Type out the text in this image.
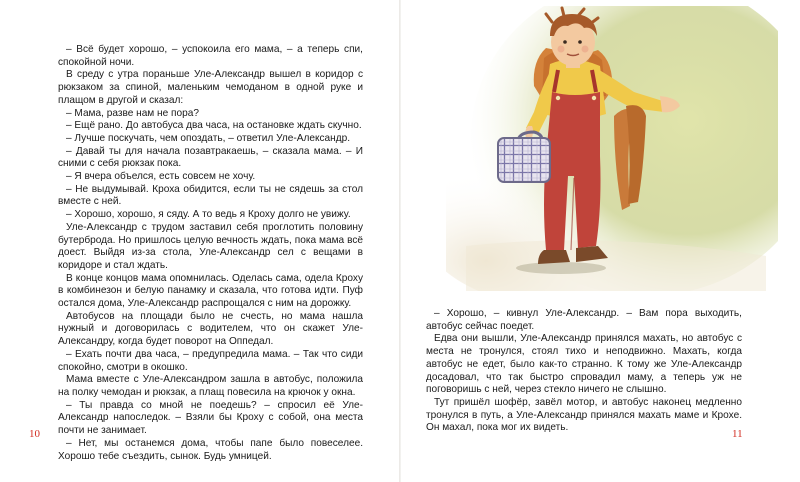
– Всё будет хорошо, – успокоила его мама, – а теперь спи, спокойной ночи.

В среду с утра пораньше Уле-Александр вышел в коридор с рюкзаком за спиной, маленьким чемоданом в одной руке и плащом в другой и сказал:

– Мама, разве нам не пора?

– Ещё рано. До автобуса два часа, на остановке ждать скучно.

– Лучше поскучать, чем опоздать, – ответил Уле-Александр.

– Давай ты для начала позавтракаешь, – сказала мама. – И сними с себя рюкзак пока.

– Я вчера объелся, есть совсем не хочу.

– Не выдумывай. Кроха обидится, если ты не сядешь за стол вместе с ней.

– Хорошо, хорошо, я сяду. А то ведь я Кроху долго не увижу.

Уле-Александр с трудом заставил себя проглотить половину бутерброда. Но пришлось целую вечность ждать, пока мама всё доест. Выйдя из-за стола, Уле-Александр сел с вещами в коридоре и стал ждать.

В конце концов мама опомнилась. Оделась сама, одела Кроху в комбинезон и белую панамку и сказала, что готова идти. Пуф остался дома, Уле-Александр распрощался с ним на дорожку.

Автобусов на площади было не счесть, но мама нашла нужный и договорилась с водителем, что он скажет Уле-Александру, когда будет поворот на Оппедал.

– Ехать почти два часа, – предупредила мама. – Так что сиди спокойно, смотри в окошко.

Мама вместе с Уле-Александром зашла в автобус, положила на полку чемодан и рюкзак, а плащ повесила на крючок у окна.

– Ты правда со мной не поедешь? – спросил её Уле-Александр напоследок. – Взяли бы Кроху с собой, она места почти не занимает.

– Нет, мы останемся дома, чтобы папе было повеселее. Хорошо тебе съездить, сынок. Будь умницей.

10

– Хорошо, – кивнул Уле-Александр. – Вам пора выходить, автобус сейчас поедет.

Едва они вышли, Уле-Александр принялся махать, но автобус с места не тронулся, стоял тихо и неподвижно. Махать, когда автобус не едет, было как-то странно. К тому же Уле-Александр досадовал, что так быстро спровадил маму, а теперь уж не поговоришь с ней, через стекло ничего не слышно.

Тут пришёл шофёр, завёл мотор, и автобус наконец медленно тронулся в путь, а Уле-Александр принялся махать маме и Крохе. Он махал, пока мог их видеть.

11
